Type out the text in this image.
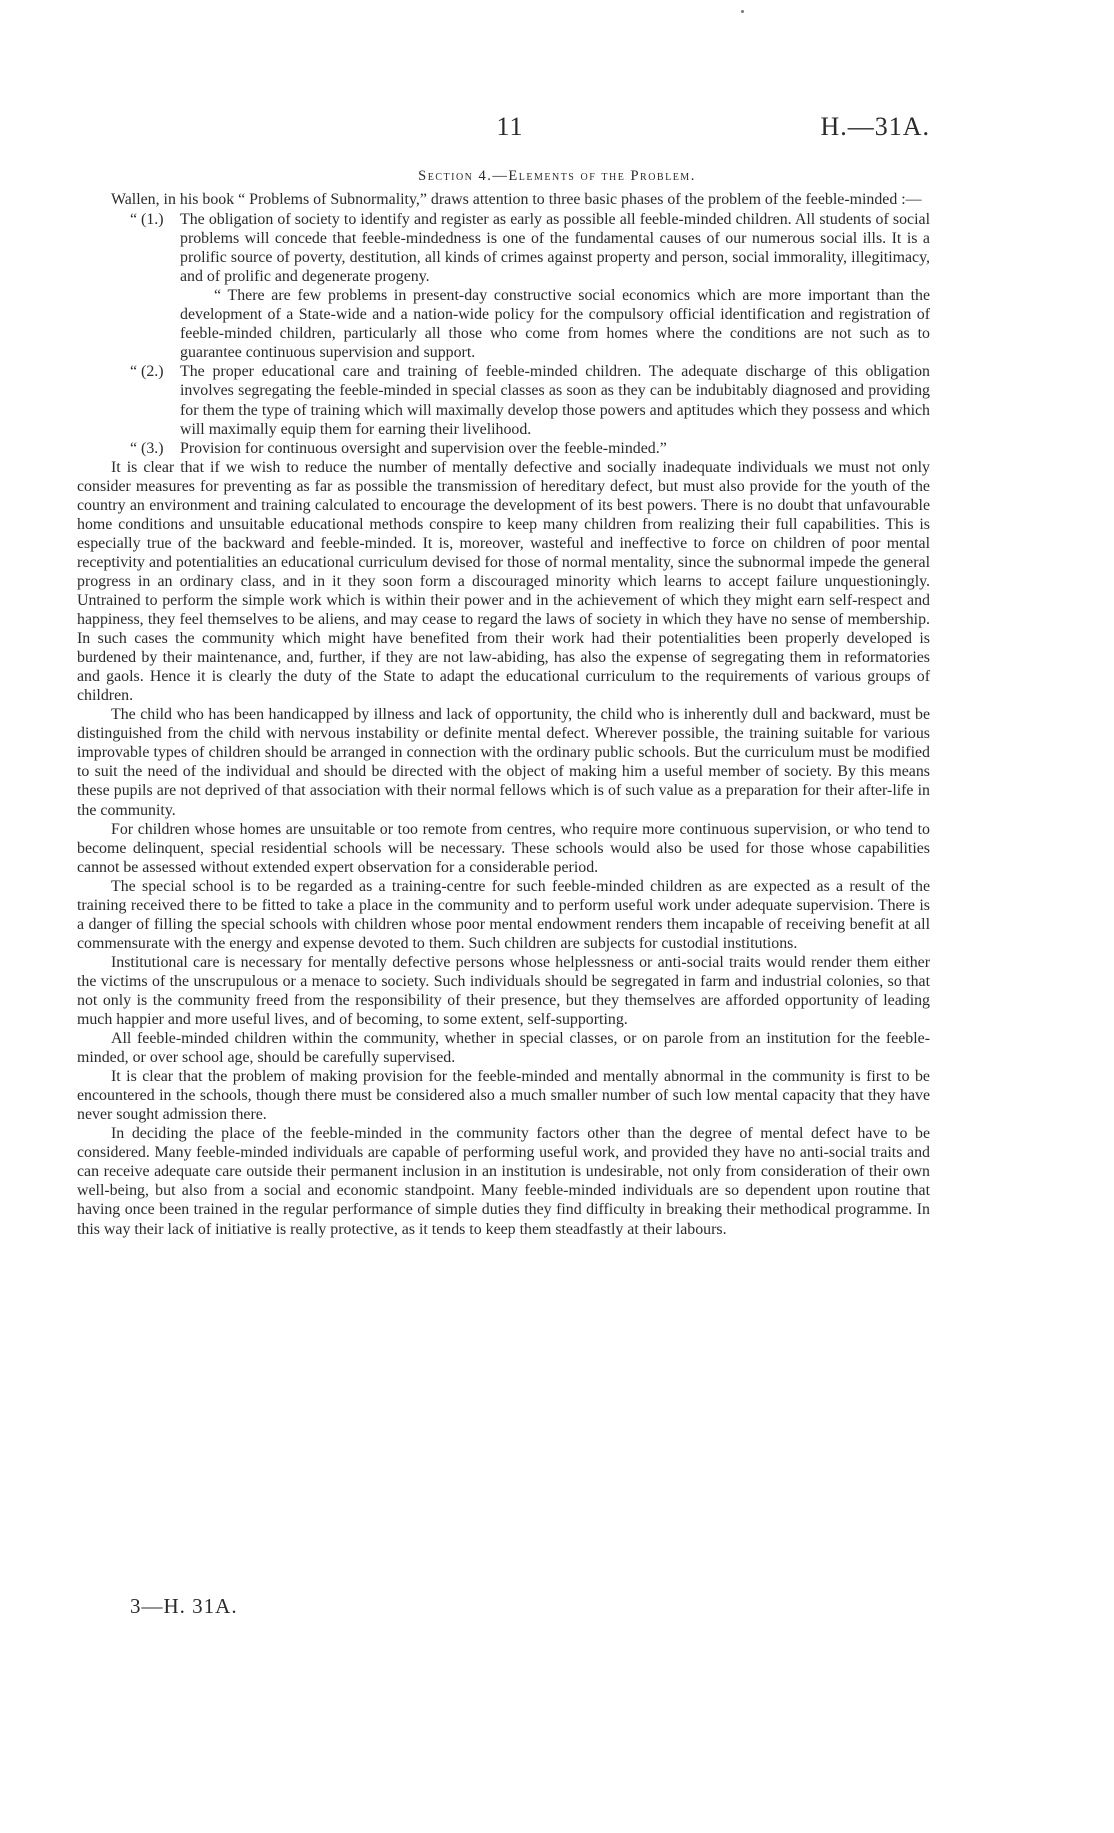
11	H.—31A.
Section 4.—Elements of the Problem.

Wallen, in his book “ Problems of Subnormality,” draws attention to three basic phases of the problem of the feeble-minded :—

“ (1.) The obligation of society to identify and register as early as possible all feeble-minded children. All students of social problems will concede that feeble-mindedness is one of the fundamental causes of our numerous social ills. It is a prolific source of poverty, destitution, all kinds of crimes against property and person, social immorality, illegitimacy, and of prolific and degenerate progeny.

“ There are few problems in present-day constructive social economics which are more important than the development of a State-wide and a nation-wide policy for the compulsory official identification and registration of feeble-minded children, particularly all those who come from homes where the conditions are not such as to guarantee continuous supervision and support.

“ (2.) The proper educational care and training of feeble-minded children. The adequate discharge of this obligation involves segregating the feeble-minded in special classes as soon as they can be indubitably diagnosed and providing for them the type of training which will maximally develop those powers and aptitudes which they possess and which will maximally equip them for earning their livelihood.
“ (3.) Provision for continuous oversight and supervision over the feeble-minded.”

It is clear that if we wish to reduce the number of mentally defective and socially inadequate individuals we must not only consider measures for preventing as far as possible the transmission of hereditary defect, but must also provide for the youth of the country an environment and training calculated to encourage the development of its best powers. There is no doubt that unfavourable home conditions and unsuitable educational methods conspire to keep many children from realizing their full capabilities. This is especially true of the backward and feeble-minded. It is, moreover, wasteful and ineffective to force on children of poor mental receptivity and potentialities an educational curriculum devised for those of normal mentality, since the subnormal impede the general progress in an ordinary class, and in it they soon form a discouraged minority which learns to accept failure unquestioningly. Untrained to perform the simple work which is within their power and in the achievement of which they might earn self-respect and happiness, they feel themselves to be aliens, and may cease to regard the laws of society in which they have no sense of membership. In such cases the community which might have benefited from their work had their potentialities been properly developed is burdened by their maintenance, and, further, if they are not law-abiding, has also the expense of segregating them in reformatories and gaols. Hence it is clearly the duty of the State to adapt the educational curriculum to the requirements of various groups of children.

The child who has been handicapped by illness and lack of opportunity, the child who is inherently dull and backward, must be distinguished from the child with nervous instability or definite mental defect. Wherever possible, the training suitable for various improvable types of children should be arranged in connection with the ordinary public schools. But the curriculum must be modified to suit the need of the individual and should be directed with the object of making him a useful member of society. By this means these pupils are not deprived of that association with their normal fellows which is of such value as a preparation for their after-life in the community.

For children whose homes are unsuitable or too remote from centres, who require more continuous supervision, or who tend to become delinquent, special residential schools will be necessary. These schools would also be used for those whose capabilities cannot be assessed without extended expert observation for a considerable period.

The special school is to be regarded as a training-centre for such feeble-minded children as are expected as a result of the training received there to be fitted to take a place in the community and to perform useful work under adequate supervision. There is a danger of filling the special schools with children whose poor mental endowment renders them incapable of receiving benefit at all commensurate with the energy and expense devoted to them. Such children are subjects for custodial institutions.

Institutional care is necessary for mentally defective persons whose helplessness or anti-social traits would render them either the victims of the unscrupulous or a menace to society. Such individuals should be segregated in farm and industrial colonies, so that not only is the community freed from the responsibility of their presence, but they themselves are afforded opportunity of leading much happier and more useful lives, and of becoming, to some extent, self-supporting.

All feeble-minded children within the community, whether in special classes, or on parole from an institution for the feeble-minded, or over school age, should be carefully supervised.

It is clear that the problem of making provision for the feeble-minded and mentally abnormal in the community is first to be encountered in the schools, though there must be considered also a much smaller number of such low mental capacity that they have never sought admission there.

In deciding the place of the feeble-minded in the community factors other than the degree of mental defect have to be considered. Many feeble-minded individuals are capable of performing useful work, and provided they have no anti-social traits and can receive adequate care outside their permanent inclusion in an institution is undesirable, not only from consideration of their own well-being, but also from a social and economic standpoint. Many feeble-minded individuals are so dependent upon routine that having once been trained in the regular performance of simple duties they find difficulty in breaking their methodical programme. In this way their lack of initiative is really protective, as it tends to keep them steadfastly at their labours.

3—H. 31A.
